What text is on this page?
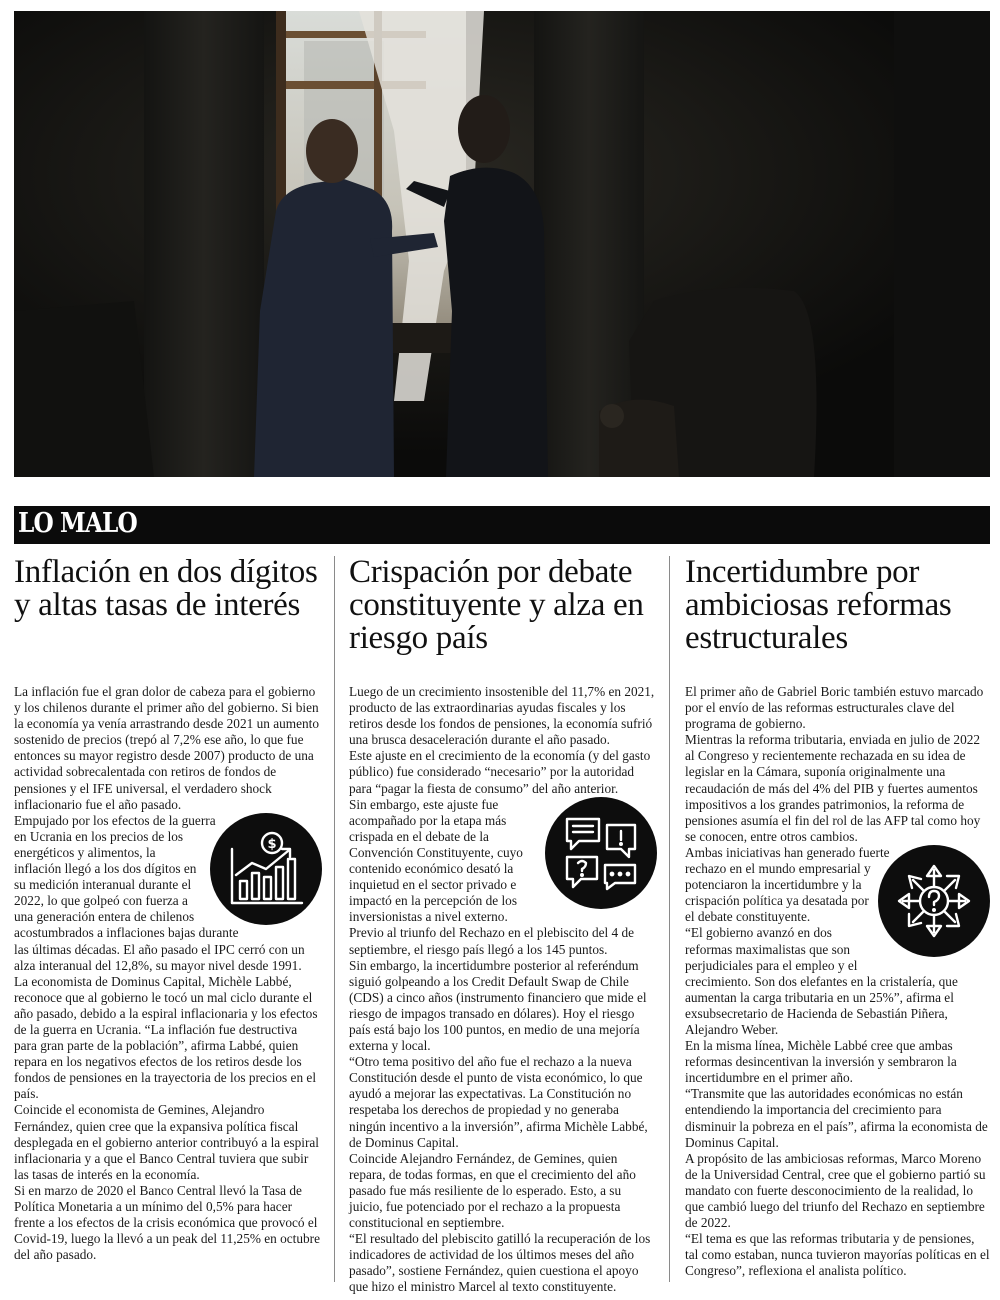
LO MALO
Inflación en dos dígitos y altas tasas de interés

La inflación fue el gran dolor de cabeza para el gobierno y los chilenos durante el primer año del gobierno. Si bien la economía ya venía arrastrando desde 2021 un aumento sostenido de precios (trepó al 7,2% ese año, lo que fue entonces su mayor registro desde 2007) producto de una actividad sobrecalentada con retiros de fondos de pensiones y el IFE universal, el verdadero shock inflacionario fue el año pasado.

$
Empujado por los efectos de la guerra en Ucrania en los precios de los energéticos y alimentos, la inflación llegó a los dos dígitos en su medición interanual durante el 2022, lo que golpeó con fuerza a una generación entera de chilenos acostumbrados a inflaciones bajas durante las últimas décadas. El año pasado el IPC cerró con un alza interanual del 12,8%, su mayor nivel desde 1991.

La economista de Dominus Capital, Michèle Labbé, reconoce que al gobierno le tocó un mal ciclo durante el año pasado, debido a la espiral inflacionaria y los efectos de la guerra en Ucrania. “La inflación fue destructiva para gran parte de la población”, afirma Labbé, quien repara en los negativos efectos de los retiros desde los fondos de pensiones en la trayectoria de los precios en el país.

Coincide el economista de Gemines, Alejandro Fernández, quien cree que la expansiva política fiscal desplegada en el gobierno anterior contribuyó a la espiral inflacionaria y a que el Banco Central tuviera que subir las tasas de interés en la economía.

Si en marzo de 2020 el Banco Central llevó la Tasa de Política Monetaria a un mínimo del 0,5% para hacer frente a los efectos de la crisis económica que provocó el Covid-19, luego la llevó a un peak del 11,25% en octubre del año pasado.

Crispación por debate constituyente y alza en riesgo país

Luego de un crecimiento insostenible del 11,7% en 2021, producto de las extraordinarias ayudas fiscales y los retiros desde los fondos de pensiones, la economía sufrió una brusca desaceleración durante el año pasado.

Este ajuste en el crecimiento de la economía (y del gasto público) fue considerado “necesario” por la autoridad para “pagar la fiesta de consumo” del año anterior.

Sin embargo, este ajuste fue acompañado por la etapa más crispada en el debate de la Convención Constituyente, cuyo contenido económico desató la inquietud en el sector privado e impactó en la percepción de los inversionistas a nivel externo.

Previo al triunfo del Rechazo en el plebiscito del 4 de septiembre, el riesgo país llegó a los 145 puntos.

Sin embargo, la incertidumbre posterior al referéndum siguió golpeando a los Credit Default Swap de Chile (CDS) a cinco años (instrumento financiero que mide el riesgo de impagos transado en dólares). Hoy el riesgo país está bajo los 100 puntos, en medio de una mejoría externa y local.

“Otro tema positivo del año fue el rechazo a la nueva Constitución desde el punto de vista económico, lo que ayudó a mejorar las expectativas. La Constitución no respetaba los derechos de propiedad y no generaba ningún incentivo a la inversión”, afirma Michèle Labbé, de Dominus Capital.

Coincide Alejandro Fernández, de Gemines, quien repara, de todas formas, en que el crecimiento del año pasado fue más resiliente de lo esperado. Esto, a su juicio, fue potenciado por el rechazo a la propuesta constitucional en septiembre.

“El resultado del plebiscito gatilló la recuperación de los indicadores de actividad de los últimos meses del año pasado”, sostiene Fernández, quien cuestiona el apoyo que hizo el ministro Marcel al texto constituyente.

Incertidumbre por ambiciosas reformas estructurales

El primer año de Gabriel Boric también estuvo marcado por el envío de las reformas estructurales clave del programa de gobierno.

Mientras la reforma tributaria, enviada en julio de 2022 al Congreso y recientemente rechazada en su idea de legislar en la Cámara, suponía originalmente una recaudación de más del 4% del PIB y fuertes aumentos impositivos a los grandes patrimonios, la reforma de pensiones asumía el fin del rol de las AFP tal como hoy se conocen, entre otros cambios.

Ambas iniciativas han generado fuerte rechazo en el mundo empresarial y potenciaron la incertidumbre y la crispación política ya desatada por el debate constituyente.

“El gobierno avanzó en dos reformas maximalistas que son perjudiciales para el empleo y el crecimiento. Son dos elefantes en la cristalería, que aumentan la carga tributaria en un 25%”, afirma el exsubsecretario de Hacienda de Sebastián Piñera, Alejandro Weber.

En la misma línea, Michèle Labbé cree que ambas reformas desincentivan la inversión y sembraron la incertidumbre en el primer año.

“Transmite que las autoridades económicas no están entendiendo la importancia del crecimiento para disminuir la pobreza en el país”, afirma la economista de Dominus Capital.

A propósito de las ambiciosas reformas, Marco Moreno de la Universidad Central, cree que el gobierno partió su mandato con fuerte desconocimiento de la realidad, lo que cambió luego del triunfo del Rechazo en septiembre de 2022.

“El tema es que las reformas tributaria y de pensiones, tal como estaban, nunca tuvieron mayorías políticas en el Congreso”, reflexiona el analista político.
